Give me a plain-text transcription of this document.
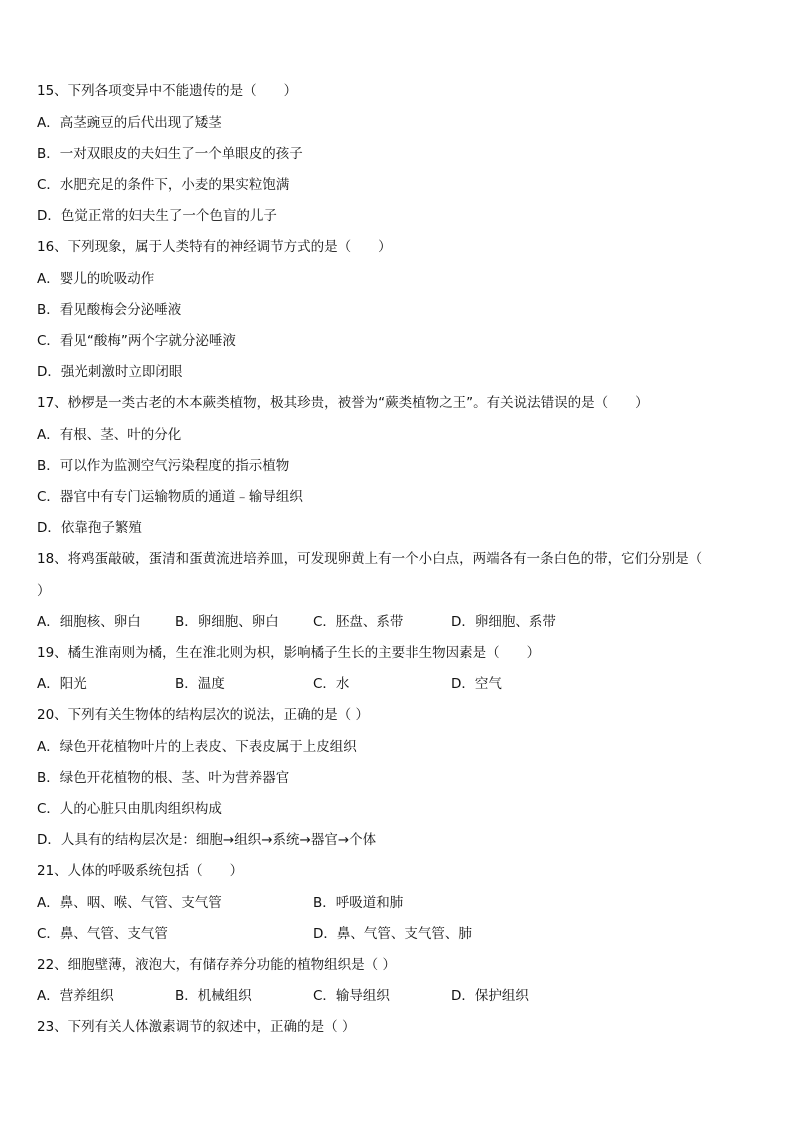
15、下列各项变异中不能遗传的是（　　）
A．高茎豌豆的后代出现了矮茎
B．一对双眼皮的夫妇生了一个单眼皮的孩子
C．水肥充足的条件下，小麦的果实粒饱满
D．色觉正常的妇夫生了一个色盲的儿子
16、下列现象，属于人类特有的神经调节方式的是（　　）
A．婴儿的吮吸动作
B．看见酸梅会分泌唾液
C．看见“酸梅”两个字就分泌唾液
D．强光刺激时立即闭眼
17、桫椤是一类古老的木本蕨类植物，极其珍贵，被誉为“蕨类植物之王”。有关说法错误的是（　　）
A．有根、茎、叶的分化
B．可以作为监测空气污染程度的指示植物
C．器官中有专门运输物质的通道﹣输导组织
D．依靠孢子繁殖
18、将鸡蛋敲破，蛋清和蛋黄流进培养皿，可发现卵黄上有一个小白点，两端各有一条白色的带，它们分别是（
）
A．细胞核、卵白	B．卵细胞、卵白	C．胚盘、系带	D．卵细胞、系带
19、橘生淮南则为橘，生在淮北则为枳，影响橘子生长的主要非生物因素是（　　）
A．阳光	B．温度	C．水	D．空气
20、下列有关生物体的结构层次的说法，正确的是（ ）
A．绿色开花植物叶片的上表皮、下表皮属于上皮组织
B．绿色开花植物的根、茎、叶为营养器官
C．人的心脏只由肌肉组织构成
D．人具有的结构层次是：细胞→组织→系统→器官→个体
21、人体的呼吸系统包括（　　）
A．鼻、咽、喉、气管、支气管	B．呼吸道和肺
C．鼻、气管、支气管	D．鼻、气管、支气管、肺
22、细胞壁薄，液泡大，有储存养分功能的植物组织是（ ）
A．营养组织	B．机械组织	C．输导组织	D．保护组织
23、下列有关人体激素调节的叙述中，正确的是（ ）
